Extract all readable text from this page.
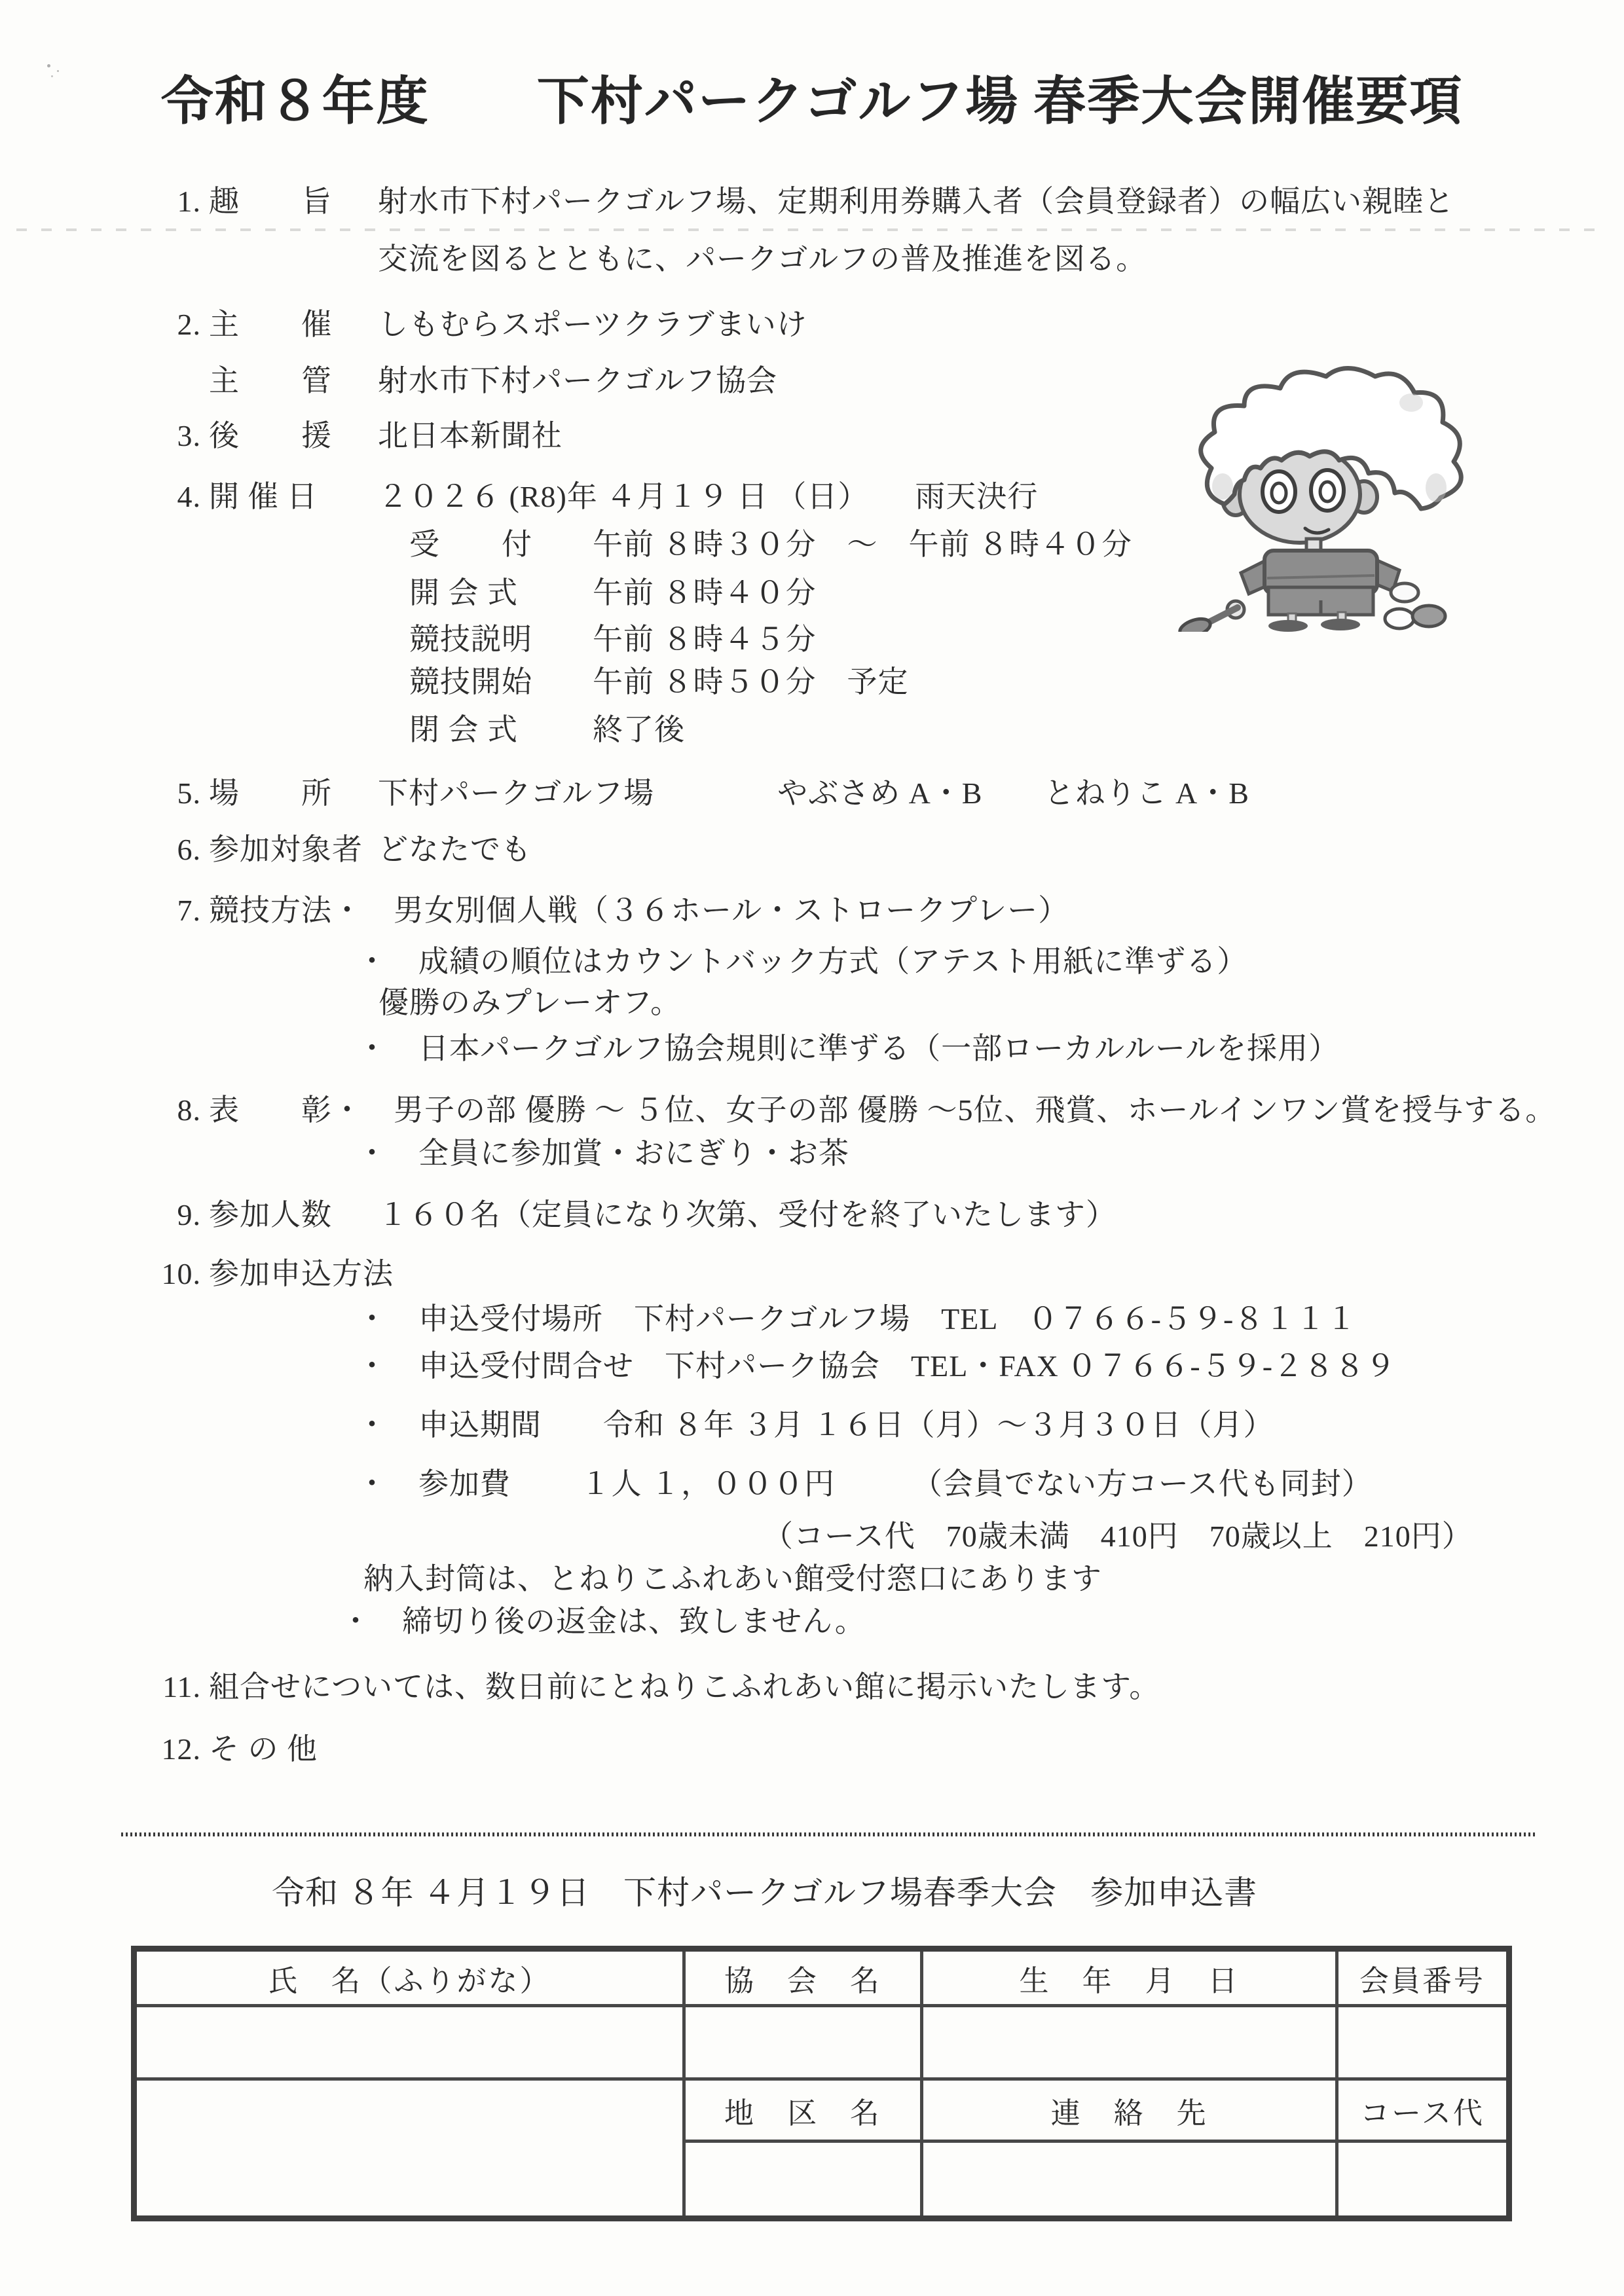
令和８年度　　下村パークゴルフ場 春季大会開催要項
1. 趣　　旨 射水市下村パークゴルフ場、定期利用券購入者（会員登録者）の幅広い親睦と
交流を図るとともに、パークゴルフの普及推進を図る。
2. 主　　催 しもむらスポーツクラブまいけ
主　　管 射水市下村パークゴルフ協会
3. 後　　援 北日本新聞社
4. 開 催 日 ２０２６ (R8)年 ４月１９ 日 （日）　　雨天決行
受　　付 午前 ８時３０分　～　午前 ８時４０分
開 会 式 午前 ８時４０分
競技説明 午前 ８時４５分
競技開始 午前 ８時５０分　予定
閉 会 式 終了後
5. 場　　所 下村パークゴルフ場　　　　やぶさめ A・B　　とねりこ A・B
6. 参加対象者 どなたでも
7. 競技方法・　男女別個人戦（３６ホール・ストロークプレー）
・　成績の順位はカウントバック方式（アテスト用紙に準ずる）
優勝のみプレーオフ。
・　日本パークゴルフ協会規則に準ずる（一部ローカルルールを採用）
8. 表　　彰・　男子の部 優勝 ～ ５位、女子の部 優勝 ～5位、飛賞、ホールインワン賞を授与する。
・　全員に参加賞・おにぎり・お茶
9. 参加人数 １６０名（定員になり次第、受付を終了いたします）
10. 参加申込方法
・　申込受付場所　下村パークゴルフ場　TEL　０７６６-５９-８１１１
・　申込受付問合せ　下村パーク協会　TEL・FAX ０７６６-５９-２８８９
・　申込期間　　令和 ８年 ３月 １６日（月）～３月３０日（月）
・　参加費　　 １人 １，０００円　　　（会員でない方コース代も同封）
（コース代　70歳未満　410円　70歳以上　210円）
納入封筒は、とねりこふれあい館受付窓口にあります
・　締切り後の返金は、致しません。
11. 組合せについては、数日前にとねりこふれあい館に掲示いたします。
12. そ の 他
令和 ８年 ４月１９日　下村パークゴルフ場春季大会　参加申込書
氏　名（ふりがな）	協　会　名	生　年　月　日	会員番号

	地　区　名	連　絡　先	コース代
